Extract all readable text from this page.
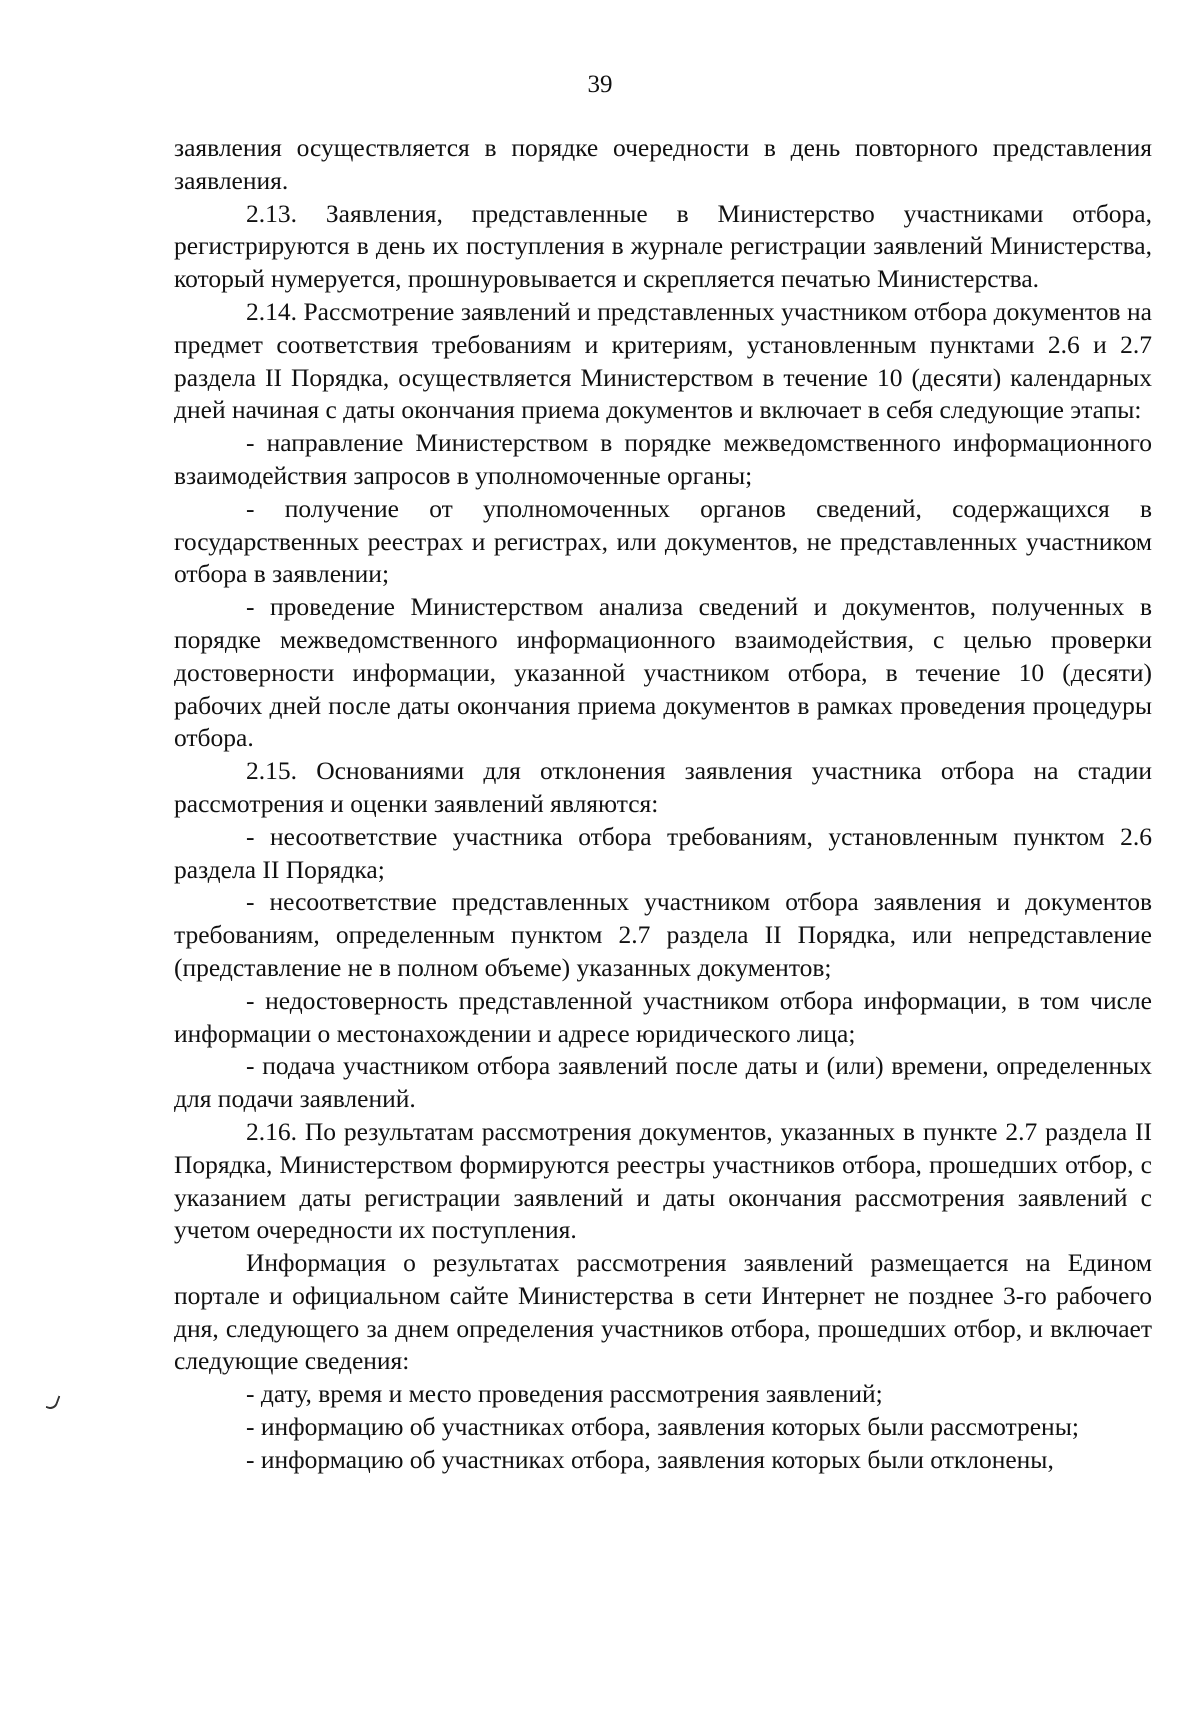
39

заявления осуществляется в порядке очередности в день повторного представления заявления.

2.13. Заявления, представленные в Министерство участниками отбора, регистрируются в день их поступления в журнале регистрации заявлений Министерства, который нумеруется, прошнуровывается и скрепляется печатью Министерства.

2.14. Рассмотрение заявлений и представленных участником отбора документов на предмет соответствия требованиям и критериям, установленным пунктами 2.6 и 2.7 раздела II Порядка, осуществляется Министерством в течение 10 (десяти) календарных дней начиная с даты окончания приема документов и включает в себя следующие этапы:

- направление Министерством в порядке межведомственного информационного взаимодействия запросов в уполномоченные органы;

- получение от уполномоченных органов сведений, содержащихся в государственных реестрах и регистрах, или документов, не представленных участником отбора в заявлении;

- проведение Министерством анализа сведений и документов, полученных в порядке межведомственного информационного взаимодействия, с целью проверки достоверности информации, указанной участником отбора, в течение 10 (десяти) рабочих дней после даты окончания приема документов в рамках проведения процедуры отбора.

2.15. Основаниями для отклонения заявления участника отбора на стадии рассмотрения и оценки заявлений являются:

- несоответствие участника отбора требованиям, установленным пунктом 2.6 раздела II Порядка;

- несоответствие представленных участником отбора заявления и документов требованиям, определенным пунктом 2.7 раздела II Порядка, или непредставление (представление не в полном объеме) указанных документов;

- недостоверность представленной участником отбора информации, в том числе информации о местонахождении и адресе юридического лица;

- подача участником отбора заявлений после даты и (или) времени, определенных для подачи заявлений.

2.16. По результатам рассмотрения документов, указанных в пункте 2.7 раздела II Порядка, Министерством формируются реестры участников отбора, прошедших отбор, с указанием даты регистрации заявлений и даты окончания рассмотрения заявлений с учетом очередности их поступления.

Информация о результатах рассмотрения заявлений размещается на Едином портале и официальном сайте Министерства в сети Интернет не позднее 3-го рабочего дня, следующего за днем определения участников отбора, прошедших отбор, и включает следующие сведения:

- дату, время и место проведения рассмотрения заявлений;

- информацию об участниках отбора, заявления которых были рассмотрены;

- информацию об участниках отбора, заявления которых были отклонены,
